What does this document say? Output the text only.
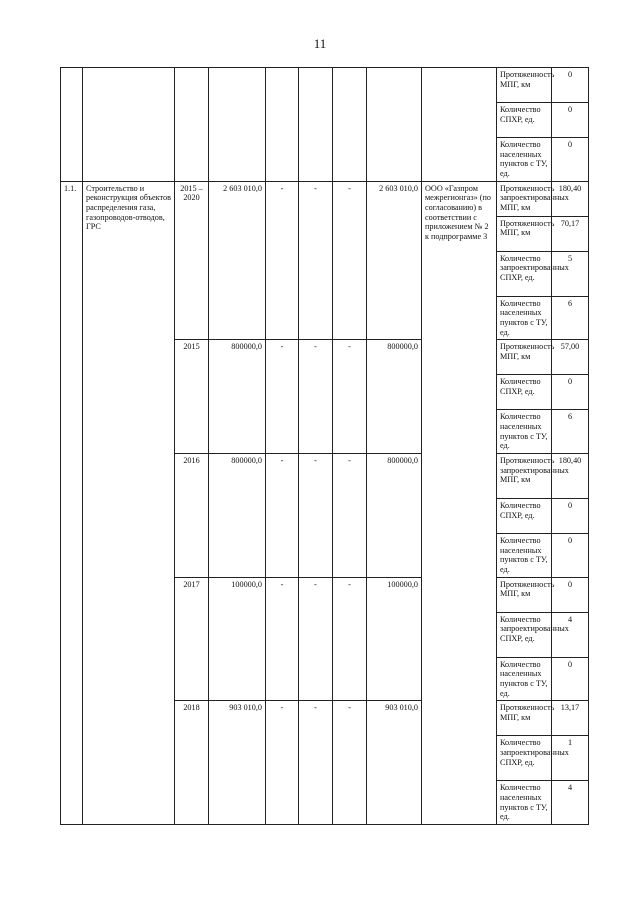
11
									Протяженность МПГ, км	0
									Количество СПХР, ед.	0
									Количество населенных пунктов с ТУ, ед.	0
1.1.	Строительство и реконструкция объектов распределения газа, газопроводов-отводов, ГРС	2015 – 2020	2 603 010,0	-	-	-	2 603 010,0	ООО «Газпром межрегионгаз» (по согласованию) в соответствии с приложением № 2 к подпрограмме 3	Протяженность запроектированных МПГ, км	180,40
									Протяженность МПГ, км	70,17
									Количество запроектированных СПХР, ед.	5
									Количество населенных пунктов с ТУ, ед.	6
		2015	800000,0	-	-	-	800000,0		Протяженность МПГ, км	57,00
									Количество СПХР, ед.	0
									Количество населенных пунктов с ТУ, ед.	6
		2016	800000,0	-	-	-	800000,0		Протяженность запроектированных МПГ, км	180,40
									Количество СПХР, ед.	0
									Количество населенных пунктов с ТУ, ед.	0
		2017	100000,0	-	-	-	100000,0		Протяженность МПГ, км	0
									Количество запроектированных СПХР, ед.	4
									Количество населенных пунктов с ТУ, ед.	0
		2018	903 010,0	-	-	-	903 010,0		Протяженность МПГ, км	13,17
									Количество запроектированных СПХР, ед.	1
									Количество населенных пунктов с ТУ, ед.	4
